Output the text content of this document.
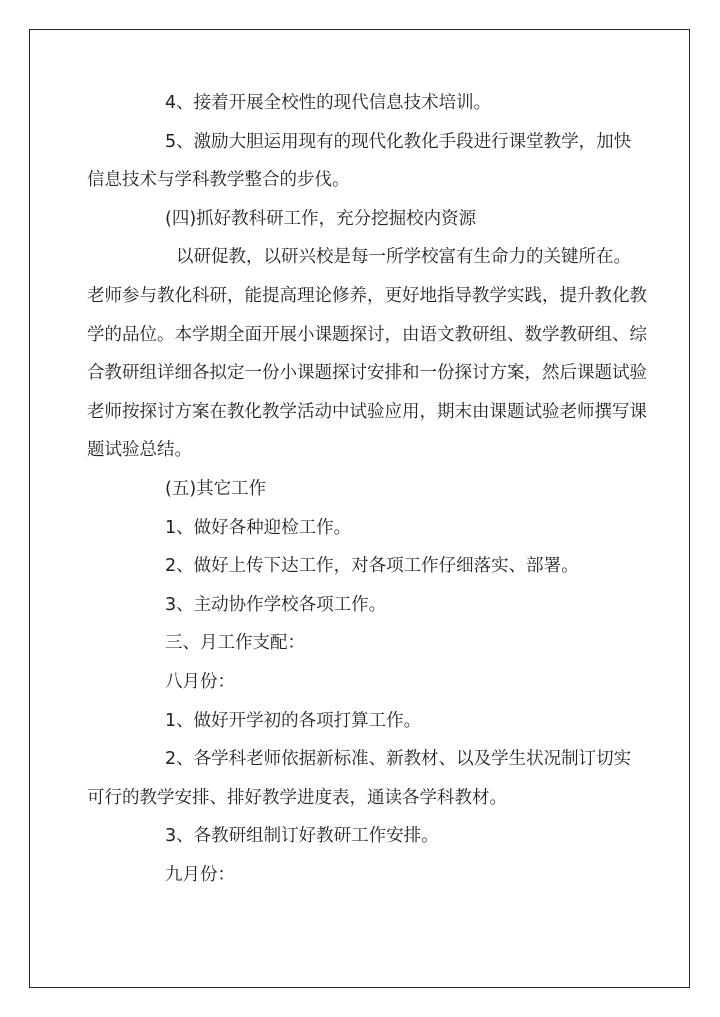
4、接着开展全校性的现代信息技术培训。

5、激励大胆运用现有的现代化教化手段进行课堂教学，加快信息技术与学科教学整合的步伐。

(四)抓好教科研工作，充分挖掘校内资源

以研促教，以研兴校是每一所学校富有生命力的关键所在。老师参与教化科研，能提高理论修养，更好地指导教学实践，提升教化教学的品位。本学期全面开展小课题探讨，由语文教研组、数学教研组、综合教研组详细各拟定一份小课题探讨安排和一份探讨方案，然后课题试验老师按探讨方案在教化教学活动中试验应用，期末由课题试验老师撰写课题试验总结。

(五)其它工作

1、做好各种迎检工作。

2、做好上传下达工作，对各项工作仔细落实、部署。

3、主动协作学校各项工作。

三、月工作支配：

八月份：

1、做好开学初的各项打算工作。

2、各学科老师依据新标准、新教材、以及学生状况制订切实可行的教学安排、排好教学进度表，通读各学科教材。

3、各教研组制订好教研工作安排。

九月份：
